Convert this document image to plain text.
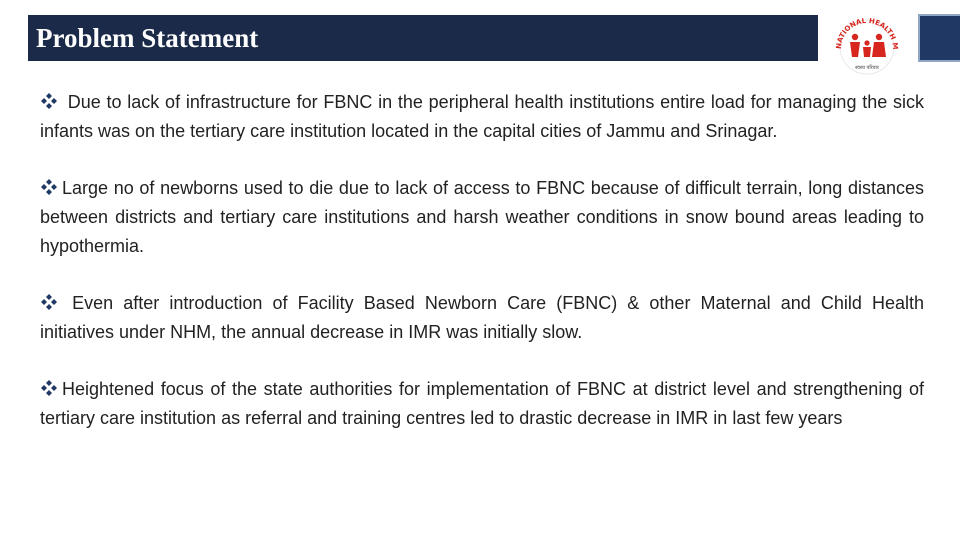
Problem Statement	NATIONAL HEALTH M
स्वस्थ परिवार

Due to lack of infrastructure for FBNC in the peripheral health institutions entire load for managing the sick infants was on the tertiary care institution located in the capital cities of Jammu and Srinagar.

Large no of newborns used to die due to lack of access to FBNC because of difficult terrain, long distances between districts and tertiary care institutions and harsh weather conditions in snow bound areas leading to hypothermia.

Even after introduction of Facility Based Newborn Care (FBNC) & other Maternal and Child Health initiatives under NHM, the annual decrease in IMR was initially slow.

Heightened focus of the state authorities for implementation of FBNC at district level and strengthening of tertiary care institution as referral and training centres led to drastic decrease in IMR in last few years
